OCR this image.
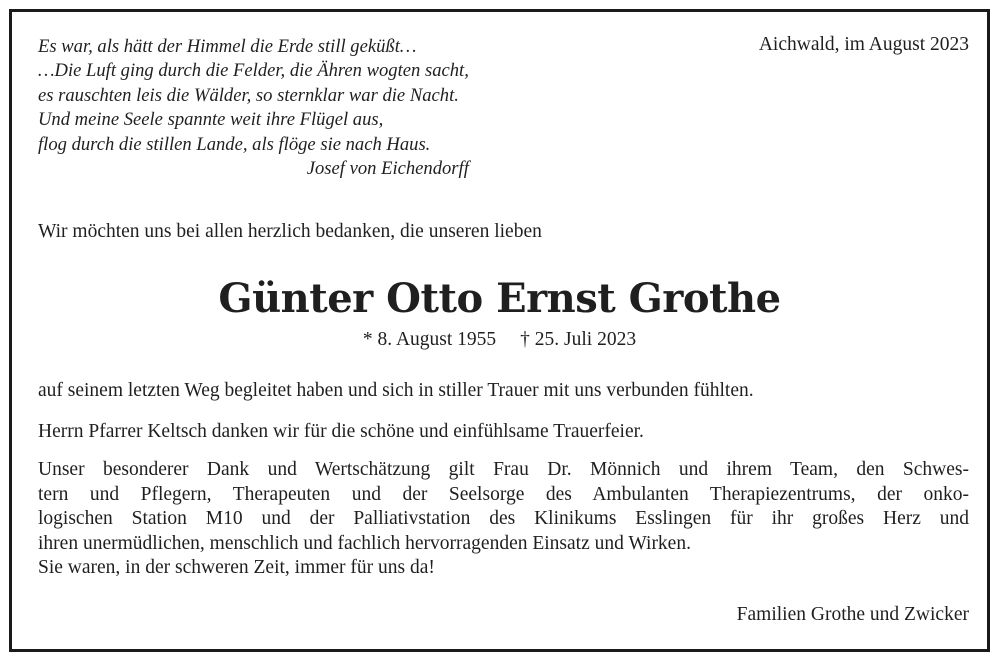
Es war, als hätt der Himmel die Erde still geküßt…
…Die Luft ging durch die Felder, die Ähren wogten sacht,
es rauschten leis die Wälder, so sternklar war die Nacht.
Und meine Seele spannte weit ihre Flügel aus,
flog durch die stillen Lande, als flöge sie nach Haus.
Josef von Eichendorff
Aichwald, im August 2023
Wir möchten uns bei allen herzlich bedanken, die unseren lieben
Günter Otto Ernst Grothe
* 8. August 1955 † 25. Juli 2023
auf seinem letzten Weg begleitet haben und sich in stiller Trauer mit uns verbunden fühlten.
Herrn Pfarrer Keltsch danken wir für die schöne und einfühlsame Trauerfeier.
Unser besonderer Dank und Wertschätzung gilt Frau Dr. Mönnich und ihrem Team, den Schwes-
tern und Pflegern, Therapeuten und der Seelsorge des Ambulanten Therapiezentrums, der onko-
logischen Station M10 und der Palliativstation des Klinikums Esslingen für ihr großes Herz und
ihren unermüdlichen, menschlich und fachlich hervorragenden Einsatz und Wirken.
Sie waren, in der schweren Zeit, immer für uns da!
Familien Grothe und Zwicker
